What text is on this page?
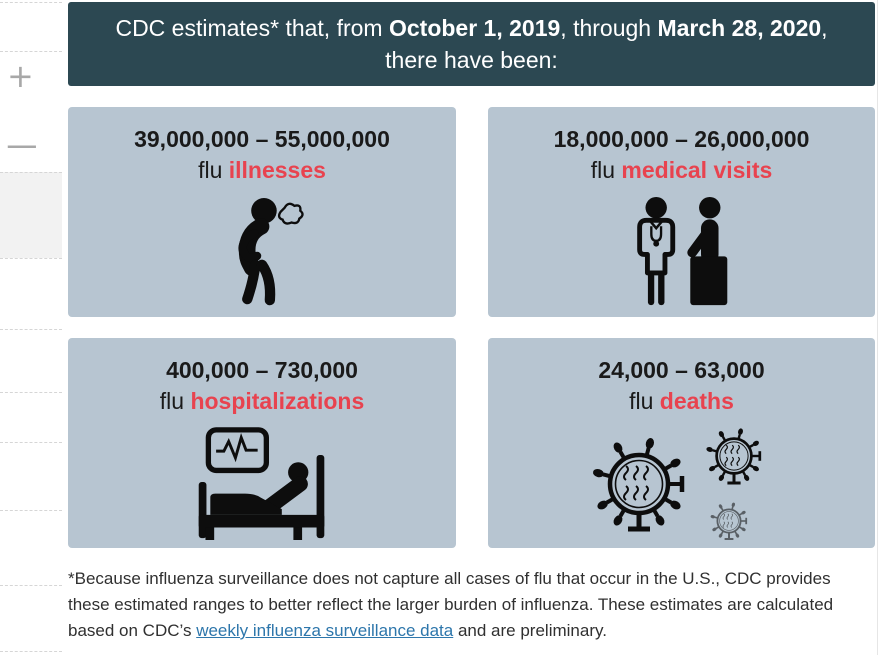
+
−
CDC estimates* that, from October 1, 2019, through March 28, 2020,
there have been:
39,000,000 – 55,000,000
flu illnesses
18,000,000 – 26,000,000
flu medical visits
400,000 – 730,000
flu hospitalizations
24,000 – 63,000
flu deaths

*Because influenza surveillance does not capture all cases of flu that occur in the U.S., CDC provides these estimated ranges to better reflect the larger burden of influenza. These estimates are calculated based on CDC’s weekly influenza surveillance data and are preliminary.
